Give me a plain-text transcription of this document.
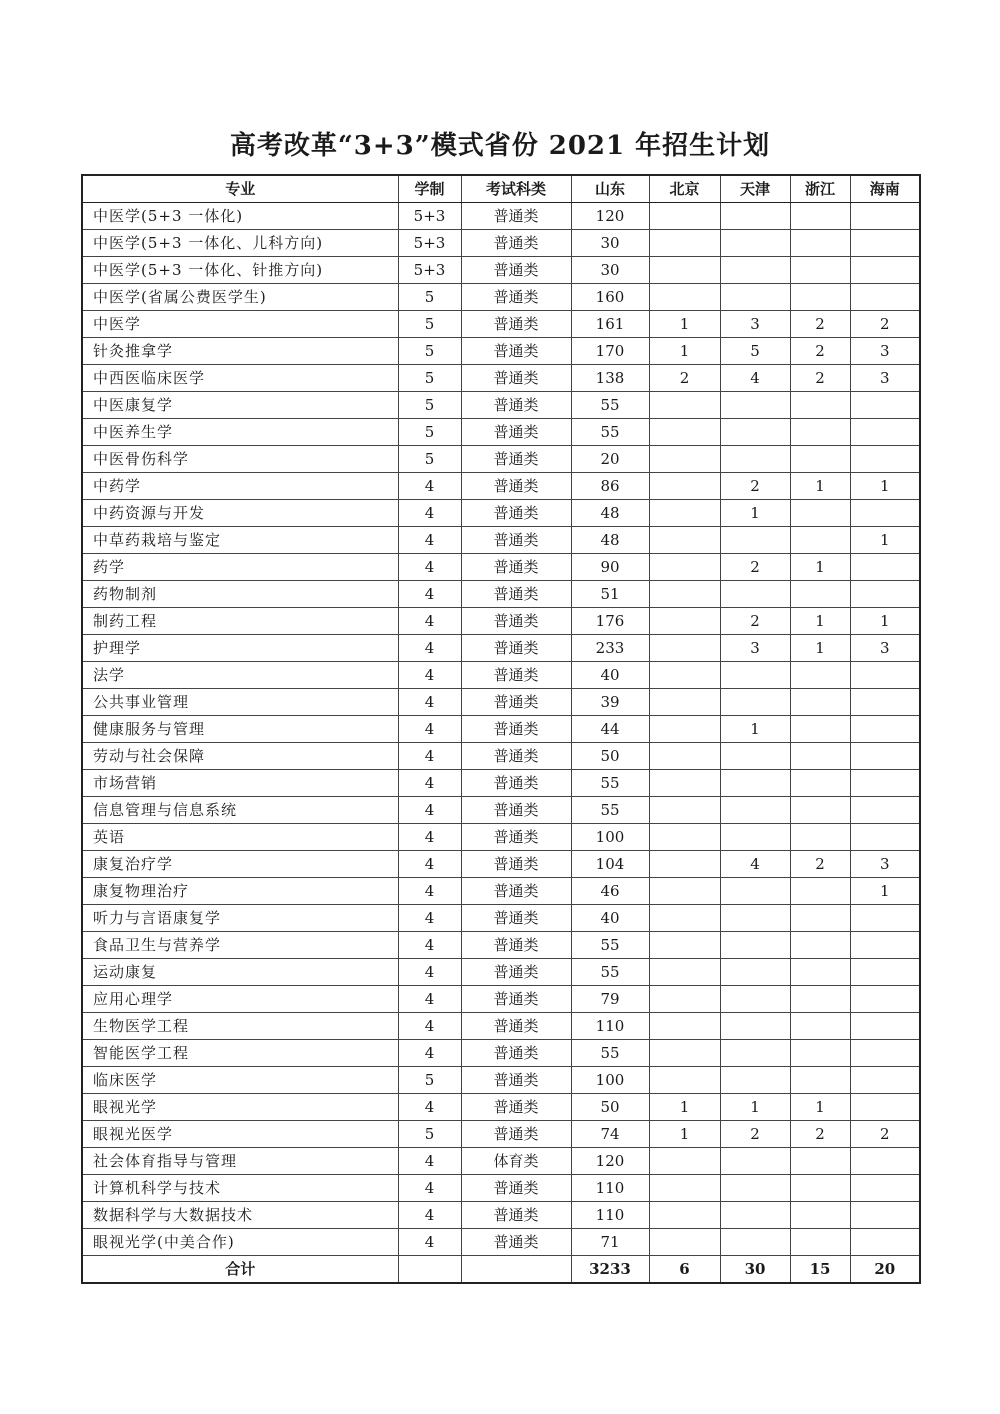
高考改革“3+3”模式省份 2021 年招生计划
专业	学制	考试科类	山东	北京	天津	浙江	海南
中医学(5+3 一体化)	5+3	普通类	120				
中医学(5+3 一体化、儿科方向)	5+3	普通类	30				
中医学(5+3 一体化、针推方向)	5+3	普通类	30				
中医学(省属公费医学生)	5	普通类	160				
中医学	5	普通类	161	1	3	2	2
针灸推拿学	5	普通类	170	1	5	2	3
中西医临床医学	5	普通类	138	2	4	2	3
中医康复学	5	普通类	55				
中医养生学	5	普通类	55				
中医骨伤科学	5	普通类	20				
中药学	4	普通类	86		2	1	1
中药资源与开发	4	普通类	48		1		
中草药栽培与鉴定	4	普通类	48				1
药学	4	普通类	90		2	1	
药物制剂	4	普通类	51				
制药工程	4	普通类	176		2	1	1
护理学	4	普通类	233		3	1	3
法学	4	普通类	40				
公共事业管理	4	普通类	39				
健康服务与管理	4	普通类	44		1		
劳动与社会保障	4	普通类	50				
市场营销	4	普通类	55				
信息管理与信息系统	4	普通类	55				
英语	4	普通类	100				
康复治疗学	4	普通类	104		4	2	3
康复物理治疗	4	普通类	46				1
听力与言语康复学	4	普通类	40				
食品卫生与营养学	4	普通类	55				
运动康复	4	普通类	55				
应用心理学	4	普通类	79				
生物医学工程	4	普通类	110				
智能医学工程	4	普通类	55				
临床医学	5	普通类	100				
眼视光学	4	普通类	50	1	1	1	
眼视光医学	5	普通类	74	1	2	2	2
社会体育指导与管理	4	体育类	120				
计算机科学与技术	4	普通类	110				
数据科学与大数据技术	4	普通类	110				
眼视光学(中美合作)	4	普通类	71				
合计			3233	6	30	15	20
